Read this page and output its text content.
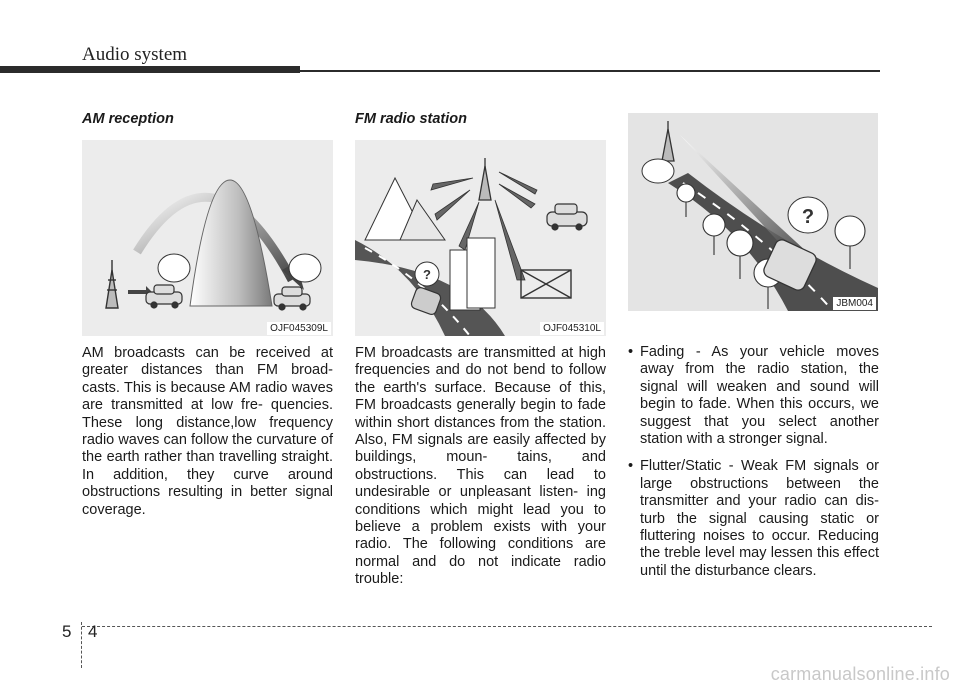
Audio system
AM reception
OJF045309L

AM broadcasts can be received at greater distances than FM broad- casts. This is because AM radio waves are transmitted at low fre- quencies. These long distance,low frequency radio waves can follow the curvature of the earth rather than travelling straight. In addition, they curve around obstructions resulting in better signal coverage.

FM radio station
?
OJF045310L

FM broadcasts are transmitted at high frequencies and do not bend to follow the earth's surface. Because of this, FM broadcasts generally begin to fade within short distances from the station. Also, FM signals are easily affected by buildings, moun- tains, and obstructions. This can lead to undesirable or unpleasant listen- ing conditions which might lead you to believe a problem exists with your radio. The following conditions are normal and do not indicate radio trouble:

?
JBM004
• Fading - As your vehicle moves away from the radio station, the signal will weaken and sound will begin to fade. When this occurs, we suggest that you select another station with a stronger signal.
• Flutter/Static - Weak FM signals or large obstructions between the transmitter and your radio can dis- turb the signal causing static or fluttering noises to occur. Reducing the treble level may lessen this effect until the disturbance clears.
5 4
carmanualsonline.info
